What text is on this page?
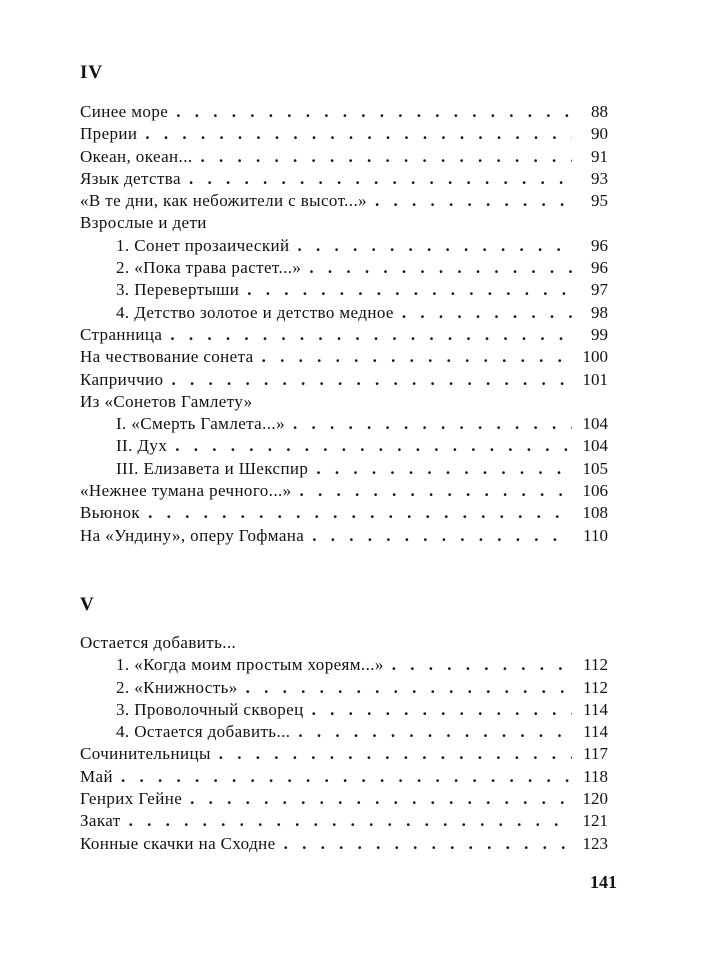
IV
Синее море . . .	88
Прерии . . .	90
Океан, океан... . . .	91
Язык детства . . .	93
«В те дни, как небожители с высот...» . . .	95
Взрослые и дети
1. Сонет прозаический . . .	96
2. «Пока трава растет...» . . .	96
3. Перевертыши . . .	97
4. Детство золотое и детство медное . . .	98
Странница . . .	99
На чествование сонета . . .	100
Каприччио . . .	101
Из «Сонетов Гамлету»
I. «Смерть Гамлета...» . . .	104
II. Дух . . .	104
III. Елизавета и Шекспир . . .	105
«Нежнее тумана речного...» . . .	106
Вьюнок . . .	108
На «Ундину», оперу Гофмана . . .	110
V
Остается добавить...
1. «Когда моим простым хореям...» . . .	112
2. «Книжность» . . .	112
3. Проволочный скворец . . .	114
4. Остается добавить... . . .	114
Сочинительницы . . .	117
Май . . .	118
Генрих Гейне . . .	120
Закат . . .	121
Конные скачки на Сходне . . .	123
141
